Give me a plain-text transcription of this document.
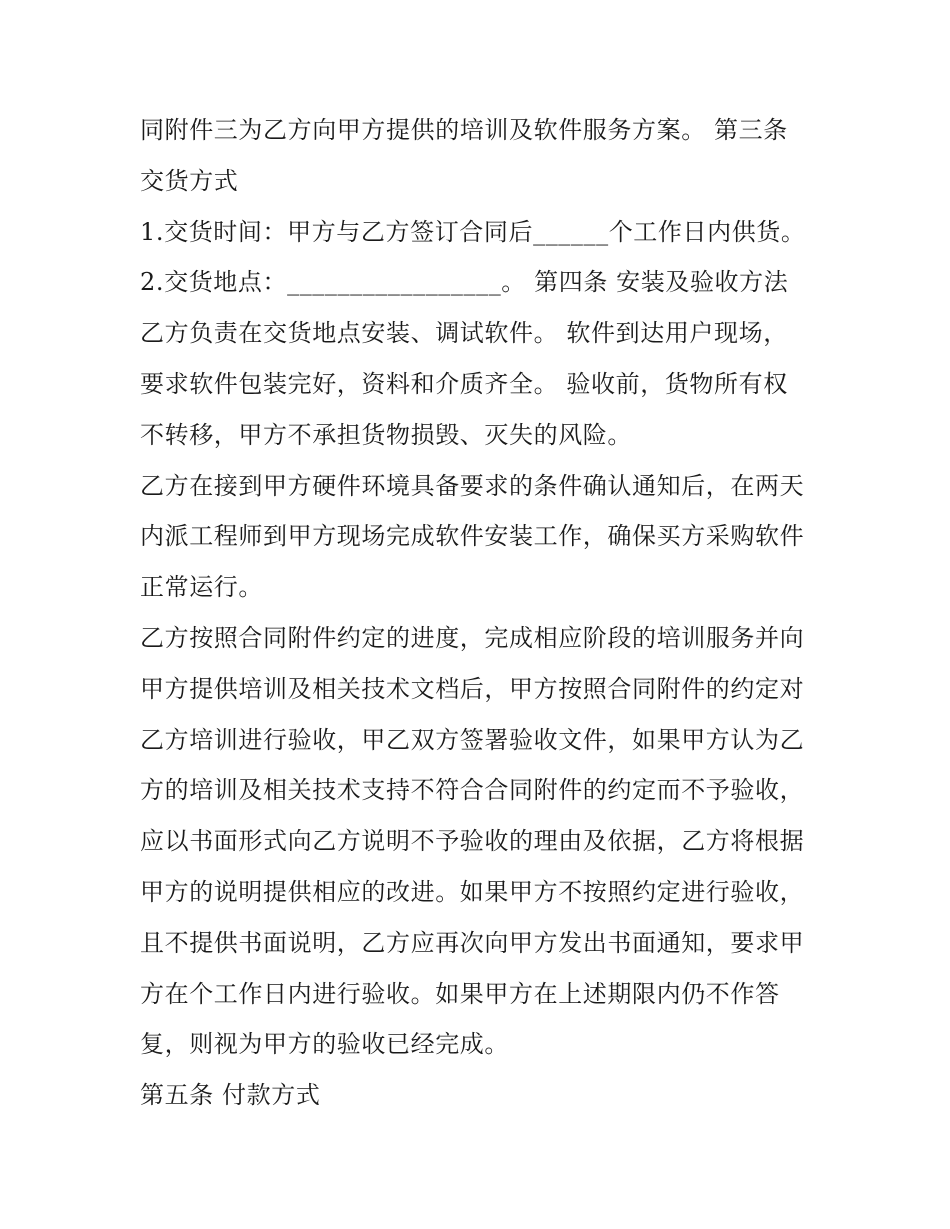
同附件三为乙方向甲方提供的培训及软件服务方案。 第三条
交货方式
1.交货时间：甲方与乙方签订合同后______个工作日内供货。
2.交货地点：_________________。 第四条 安装及验收方法
乙方负责在交货地点安装、调试软件。 软件到达用户现场，
要求软件包装完好，资料和介质齐全。 验收前，货物所有权
不转移，甲方不承担货物损毁、灭失的风险。
乙方在接到甲方硬件环境具备要求的条件确认通知后，在两天
内派工程师到甲方现场完成软件安装工作，确保买方采购软件
正常运行。
乙方按照合同附件约定的进度，完成相应阶段的培训服务并向
甲方提供培训及相关技术文档后，甲方按照合同附件的约定对
乙方培训进行验收，甲乙双方签署验收文件，如果甲方认为乙
方的培训及相关技术支持不符合合同附件的约定而不予验收，
应以书面形式向乙方说明不予验收的理由及依据，乙方将根据
甲方的说明提供相应的改进。如果甲方不按照约定进行验收，
且不提供书面说明，乙方应再次向甲方发出书面通知，要求甲
方在个工作日内进行验收。如果甲方在上述期限内仍不作答
复，则视为甲方的验收已经完成。
第五条 付款方式
